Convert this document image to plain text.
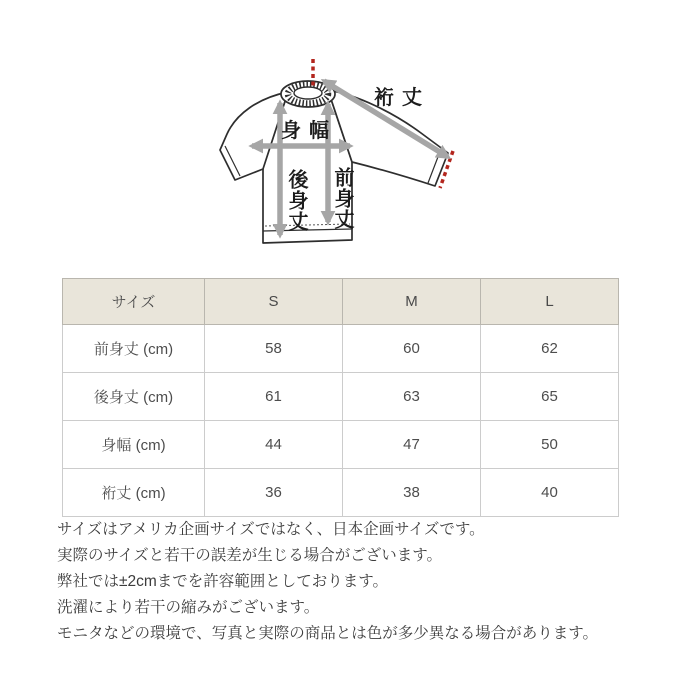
裄丈
身幅
後身丈 前身丈
サイズ	S	M	L
前身丈 (cm)	58	60	62
後身丈 (cm)	61	63	65
身幅 (cm)	44	47	50
裄丈 (cm)	36	38	40
サイズはアメリカ企画サイズではなく、日本企画サイズです。
実際のサイズと若干の誤差が生じる場合がございます。
弊社では±2cmまでを許容範囲としております。
洗濯により若干の縮みがございます。
モニタなどの環境で、写真と実際の商品とは色が多少異なる場合があります。
